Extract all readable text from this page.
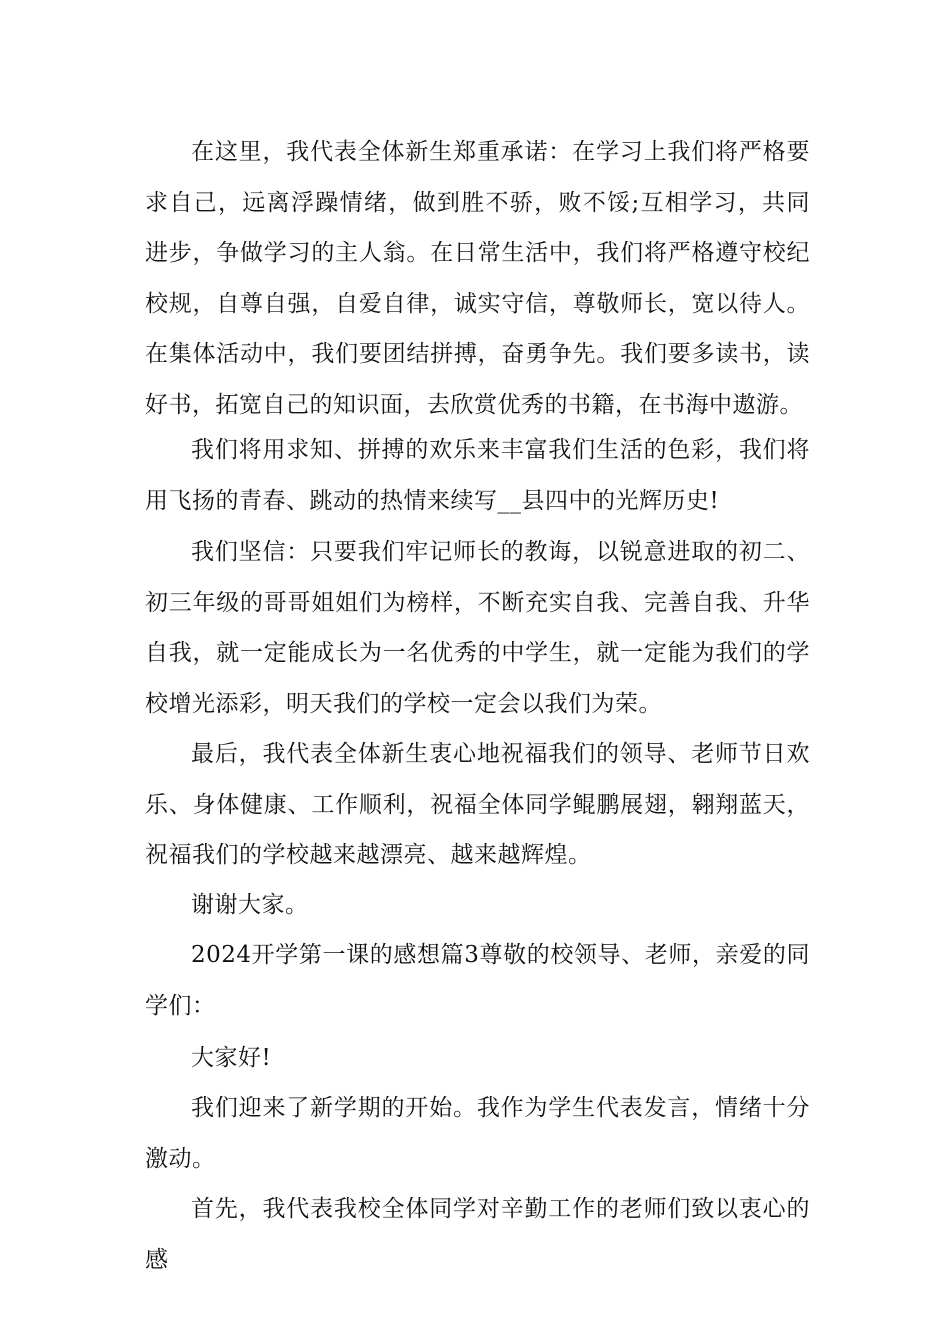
在这里，我代表全体新生郑重承诺：在学习上我们将严格要求自己，远离浮躁情绪，做到胜不骄，败不馁;互相学习，共同进步，争做学习的主人翁。在日常生活中，我们将严格遵守校纪校规，自尊自强，自爱自律，诚实守信，尊敬师长，宽以待人。在集体活动中，我们要团结拼搏，奋勇争先。我们要多读书，读好书，拓宽自己的知识面，去欣赏优秀的书籍，在书海中遨游。

我们将用求知、拼搏的欢乐来丰富我们生活的色彩，我们将用飞扬的青春、跳动的热情来续写__县四中的光辉历史!

我们坚信：只要我们牢记师长的教诲，以锐意进取的初二、初三年级的哥哥姐姐们为榜样，不断充实自我、完善自我、升华自我，就一定能成长为一名优秀的中学生，就一定能为我们的学校增光添彩，明天我们的学校一定会以我们为荣。

最后，我代表全体新生衷心地祝福我们的领导、老师节日欢乐、身体健康、工作顺利，祝福全体同学鲲鹏展翅，翱翔蓝天，祝福我们的学校越来越漂亮、越来越辉煌。

谢谢大家。

2024开学第一课的感想篇3尊敬的校领导、老师，亲爱的同学们：

大家好!

我们迎来了新学期的开始。我作为学生代表发言，情绪十分激动。

首先，我代表我校全体同学对辛勤工作的老师们致以衷心的感
